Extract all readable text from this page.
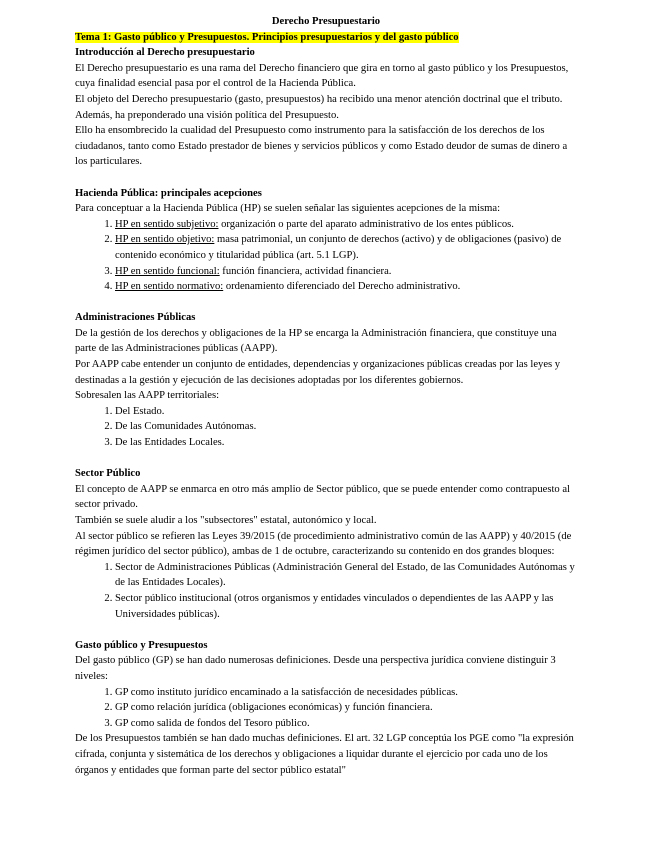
Derecho Presupuestario
Tema 1: Gasto público y Presupuestos. Principios presupuestarios y del gasto público
Introducción al Derecho presupuestario

El Derecho presupuestario es una rama del Derecho financiero que gira en torno al gasto público y los Presupuestos, cuya finalidad esencial pasa por el control de la Hacienda Pública.

El objeto del Derecho presupuestario (gasto, presupuestos) ha recibido una menor atención doctrinal que el tributo. Además, ha preponderado una visión política del Presupuesto.

Ello ha ensombrecido la cualidad del Presupuesto como instrumento para la satisfacción de los derechos de los ciudadanos, tanto como Estado prestador de bienes y servicios públicos y como Estado deudor de sumas de dinero a los particulares.

Hacienda Pública: principales acepciones

Para conceptuar a la Hacienda Pública (HP) se suelen señalar las siguientes acepciones de la misma:

1. HP en sentido subjetivo: organización o parte del aparato administrativo de los entes públicos.
2. HP en sentido objetivo: masa patrimonial, un conjunto de derechos (activo) y de obligaciones (pasivo) de contenido económico y titularidad pública (art. 5.1 LGP).
3. HP en sentido funcional: función financiera, actividad financiera.
4. HP en sentido normativo: ordenamiento diferenciado del Derecho administrativo.
Administraciones Públicas

De la gestión de los derechos y obligaciones de la HP se encarga la Administración financiera, que constituye una parte de las Administraciones públicas (AAPP).

Por AAPP cabe entender un conjunto de entidades, dependencias y organizaciones públicas creadas por las leyes y destinadas a la gestión y ejecución de las decisiones adoptadas por los diferentes gobiernos.

Sobresalen las AAPP territoriales:

1. Del Estado.
2. De las Comunidades Autónomas.
3. De las Entidades Locales.
Sector Público

El concepto de AAPP se enmarca en otro más amplio de Sector público, que se puede entender como contrapuesto al sector privado.

También se suele aludir a los "subsectores" estatal, autonómico y local.

Al sector público se refieren las Leyes 39/2015 (de procedimiento administrativo común de las AAPP) y 40/2015 (de régimen jurídico del sector público), ambas de 1 de octubre, caracterizando su contenido en dos grandes bloques:

1. Sector de Administraciones Públicas (Administración General del Estado, de las Comunidades Autónomas y de las Entidades Locales).
2. Sector público institucional (otros organismos y entidades vinculados o dependientes de las AAPP y las Universidades públicas).
Gasto público y Presupuestos

Del gasto público (GP) se han dado numerosas definiciones. Desde una perspectiva jurídica conviene distinguir 3 niveles:

1. GP como instituto jurídico encaminado a la satisfacción de necesidades públicas.
2. GP como relación jurídica (obligaciones económicas) y función financiera.
3. GP como salida de fondos del Tesoro público.

De los Presupuestos también se han dado muchas definiciones. El art. 32 LGP conceptúa los PGE como "la expresión cifrada, conjunta y sistemática de los derechos y obligaciones a liquidar durante el ejercicio por cada uno de los órganos y entidades que forman parte del sector público estatal"
